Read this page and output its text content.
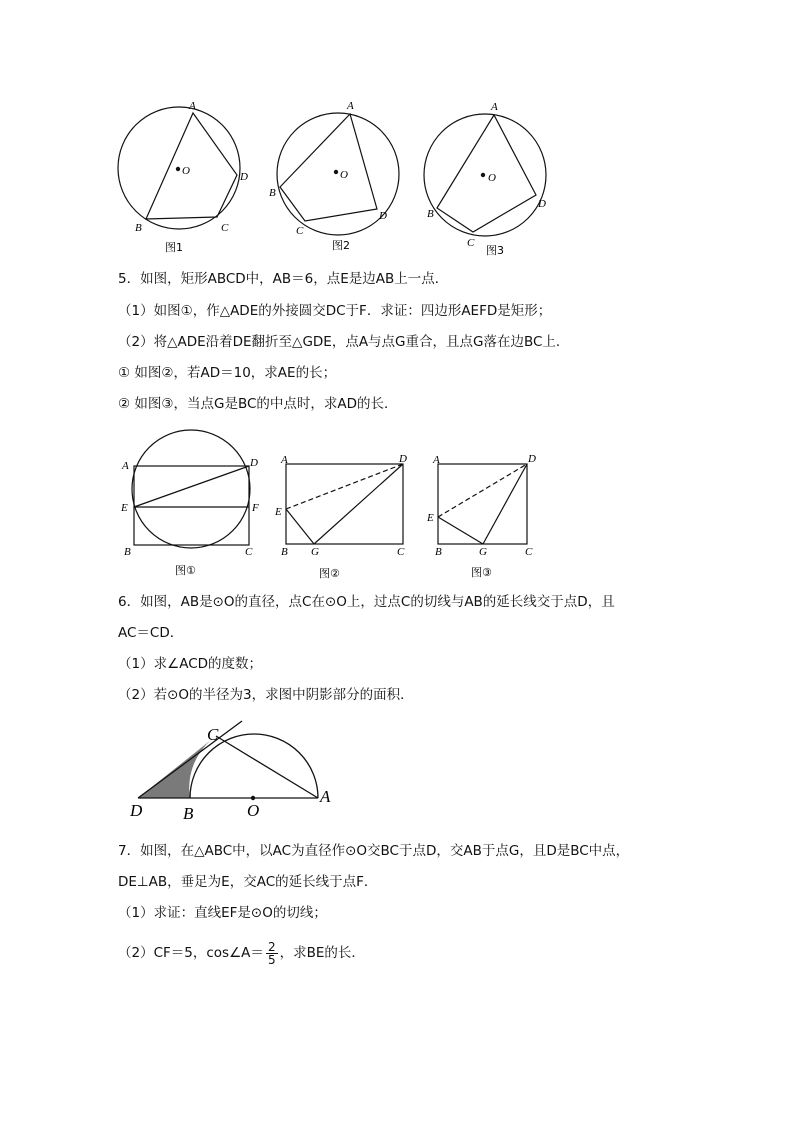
A
B	C
D
O
图1
A
B
C
D
O
图2
A
B
C
D
O
图3
5．如图，矩形ABCD中，AB＝6，点E是边AB上一点．
（1）如图①，作△ADE的外接圆交DC于F．求证：四边形AEFD是矩形；
（2）将△ADE沿着DE翻折至△GDE，点A与点G重合，且点G落在边BC上．
① 如图②，若AD＝10，求AE的长；
② 如图③，当点G是BC的中点时，求AD的长．
A	D
E	F
B	C
图①
A	D
E
B G	C
图②
A	D
E
B	G	C
图③
6．如图，AB是⊙O的直径，点C在⊙O上，过点C的切线与AB的延长线交于点D，且
AC＝CD．
（1）求∠ACD的度数；
（2）若⊙O的半径为3，求图中阴影部分的面积．
C
D B	O
A
7．如图，在△ABC中，以AC为直径作⊙O交BC于点D，交AB于点G，且D是BC中点，
DE⊥AB，垂足为E，交AC的延长线于点F．
（1）求证：直线EF是⊙O的切线；
（2）CF＝5，cos∠A＝ $\frac{2}{5}$ ，求BE的长．
